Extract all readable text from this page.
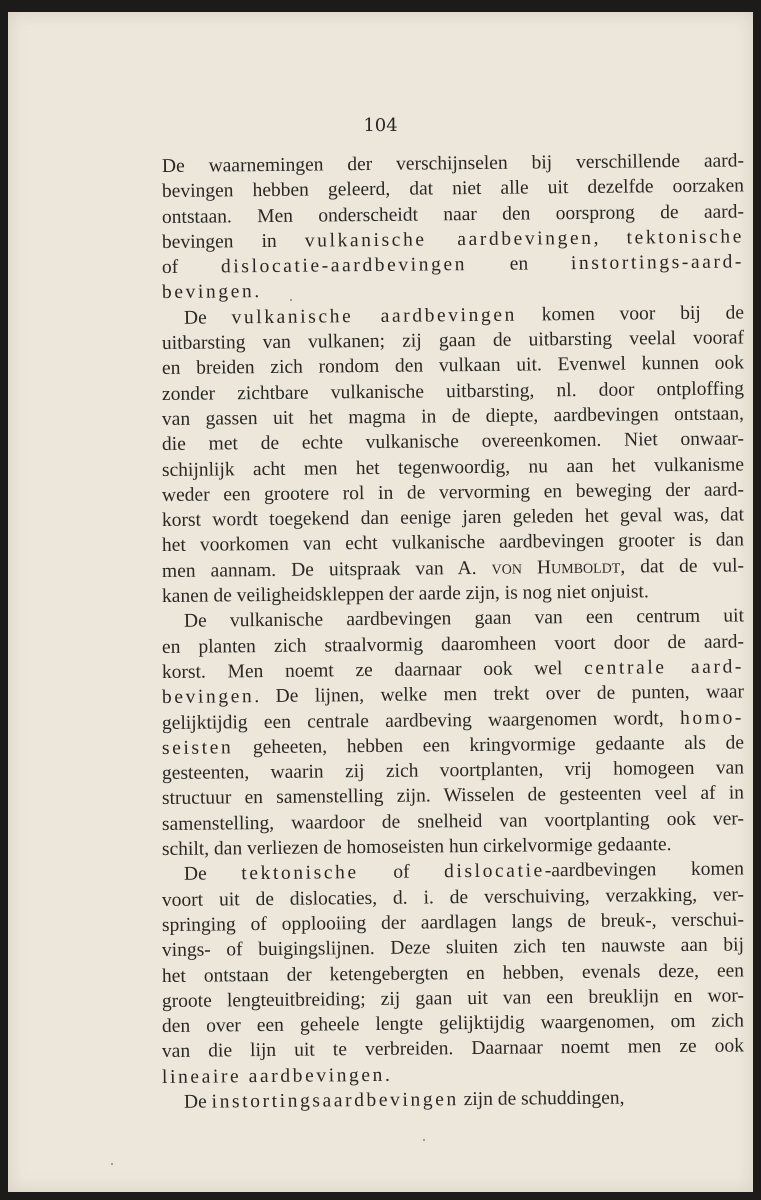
104
De waarnemingen der verschijnselen bij verschillende aard-
bevingen hebben geleerd, dat niet alle uit dezelfde oorzaken
ontstaan. Men onderscheidt naar den oorsprong de aard-
bevingen in vulkanische aardbevingen, tektonische
of dislocatie-aardbevingen en instortings-aard-
bevingen.
De vulkanische aardbevingen komen voor bij de
uitbarsting van vulkanen; zij gaan de uitbarsting veelal vooraf
en breiden zich rondom den vulkaan uit. Evenwel kunnen ook
zonder zichtbare vulkanische uitbarsting, nl. door ontploffing
van gassen uit het magma in de diepte, aardbevingen ontstaan,
die met de echte vulkanische overeenkomen. Niet onwaar-
schijnlijk acht men het tegenwoordig, nu aan het vulkanisme
weder een grootere rol in de vervorming en beweging der aard-
korst wordt toegekend dan eenige jaren geleden het geval was, dat
het voorkomen van echt vulkanische aardbevingen grooter is dan
men aannam. De uitspraak van A. von Humboldt, dat de vul-
kanen de veiligheidskleppen der aarde zijn, is nog niet onjuist.
De vulkanische aardbevingen gaan van een centrum uit
en planten zich straalvormig daaromheen voort door de aard-
korst. Men noemt ze daarnaar ook wel centrale aard-
bevingen. De lijnen, welke men trekt over de punten, waar
gelijktijdig een centrale aardbeving waargenomen wordt, homo-
seisten geheeten, hebben een kringvormige gedaante als de
gesteenten, waarin zij zich voortplanten, vrij homogeen van
structuur en samenstelling zijn. Wisselen de gesteenten veel af in
samenstelling, waardoor de snelheid van voortplanting ook ver-
schilt, dan verliezen de homoseisten hun cirkelvormige gedaante.
De tektonische of dislocatie-aardbevingen komen
voort uit de dislocaties, d. i. de verschuiving, verzakking, ver-
springing of opplooiing der aardlagen langs de breuk-, verschui-
vings- of buigingslijnen. Deze sluiten zich ten nauwste aan bij
het ontstaan der ketengebergten en hebben, evenals deze, een
groote lengteuitbreiding; zij gaan uit van een breuklijn en wor-
den over een geheele lengte gelijktijdig waargenomen, om zich
van die lijn uit te verbreiden. Daarnaar noemt men ze ook
lineaire aardbevingen.
De instortingsaardbevingen zijn de schuddingen,
